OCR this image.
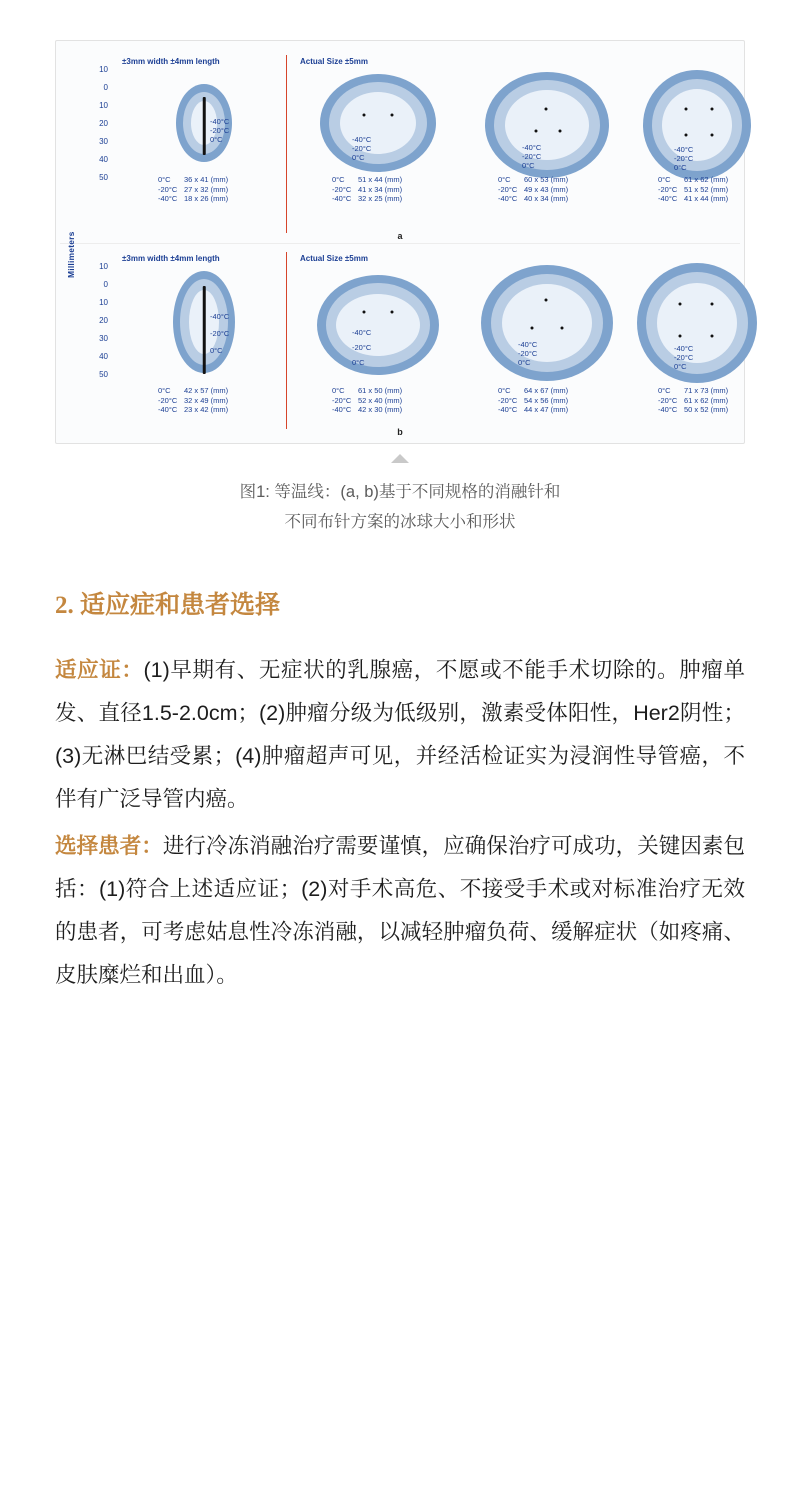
10
0
10
20
30
40
50
±3mm width ±4mm length	Actual Size ±5mm
-40°C
-20°C
0°C
0°C 36 x 41 (mm)
-20°C 27 x 32 (mm)
-40°C 18 x 26 (mm)
-40°C
-20°C
0°C
0°C 51 x 44 (mm)
-20°C 41 x 34 (mm)
-40°C 32 x 25 (mm)
-40°C
-20°C
0°C
0°C 60 x 53 (mm)
-20°C 49 x 43 (mm)
-40°C 40 x 34 (mm)
-40°C
-20°C
0°C
0°C 61 x 62 (mm)
-20°C 51 x 52 (mm)
-40°C 41 x 44 (mm)
a
Millimeters	10
0
10
20
30
40
50
±3mm width ±4mm length	Actual Size ±5mm
-40°C
-20°C
0°C
0°C 42 x 57 (mm)
-20°C 32 x 49 (mm)
-40°C 23 x 42 (mm)
-40°C
-20°C
0°C
0°C 61 x 50 (mm)
-20°C 52 x 40 (mm)
-40°C 42 x 30 (mm)
-40°C
-20°C
0°C
0°C 64 x 67 (mm)
-20°C 54 x 56 (mm)
-40°C 44 x 47 (mm)
-40°C
-20°C
0°C
0°C 71 x 73 (mm)
-20°C 61 x 62 (mm)
-40°C 50 x 52 (mm)
b
图1: 等温线：(a, b)基于不同规格的消融针和
不同布针方案的冰球大小和形状
2. 适应症和患者选择

适应证：(1)早期有、无症状的乳腺癌，不愿或不能手术切除的。肿瘤单发、直径1.5-2.0cm；(2)肿瘤分级为低级别，激素受体阳性，Her2阴性；(3)无淋巴结受累；(4)肿瘤超声可见，并经活检证实为浸润性导管癌，不伴有广泛导管内癌。

选择患者：进行冷冻消融治疗需要谨慎，应确保治疗可成功，关键因素包括：(1)符合上述适应证；(2)对手术高危、不接受手术或对标准治疗无效的患者，可考虑姑息性冷冻消融，以减轻肿瘤负荷、缓解症状（如疼痛、皮肤糜烂和出血）。
